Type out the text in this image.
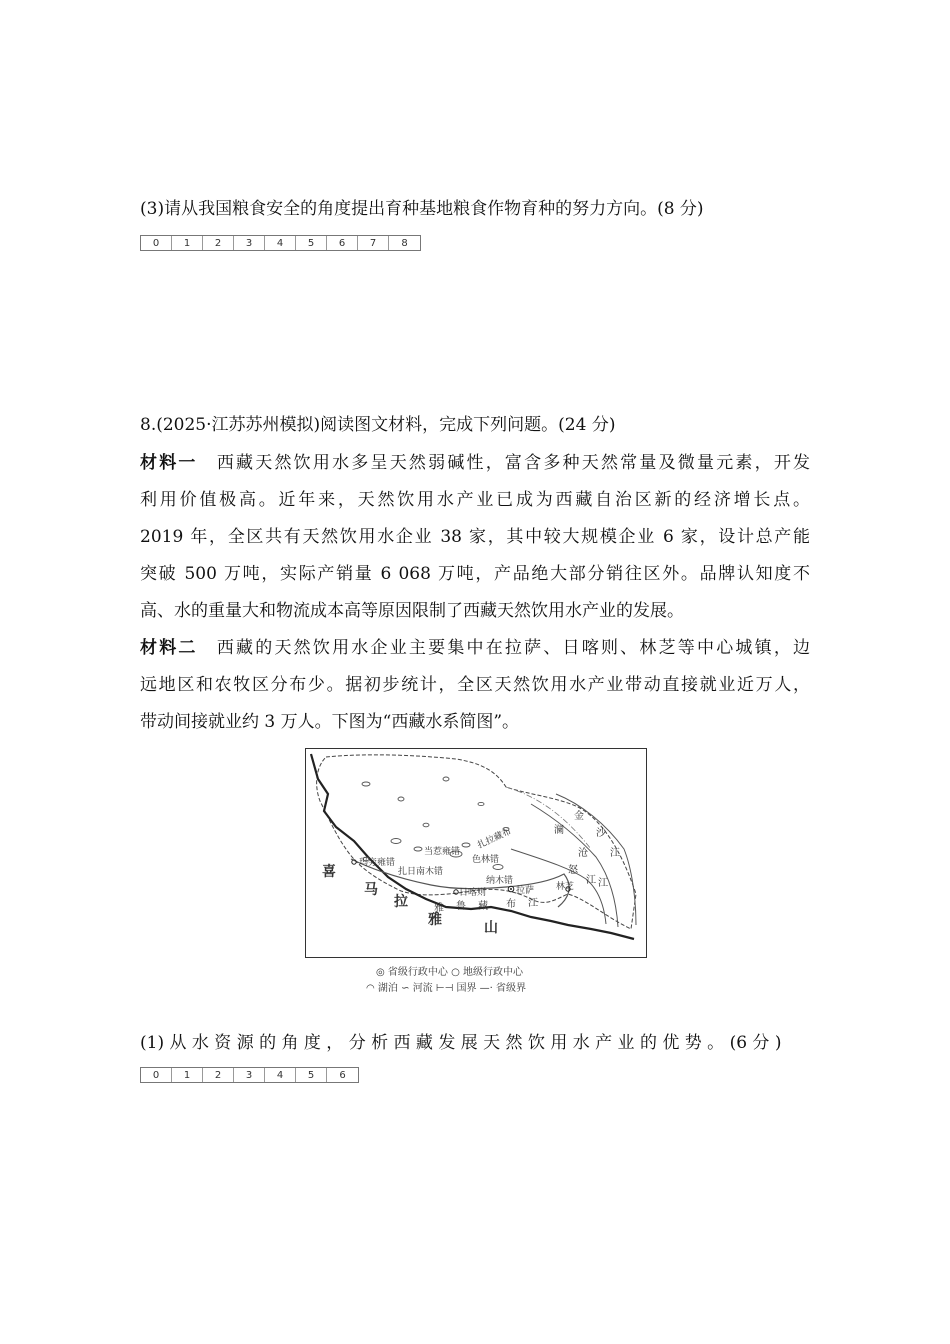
(3)请从我国粮食安全的角度提出育种基地粮食作物育种的努力方向。(8 分)
0	1	2	3	4	5	6	7	8
8.(2025·江苏苏州模拟)阅读图文材料，完成下列问题。(24 分)
材料一　 西藏天然饮用水多呈天然弱碱性，富含多种天然常量及微量元素，开发
利用价值极高。近年来，天然饮用水产业已成为西藏自治区新的经济增长点。
2019 年，全区共有天然饮用水企业 38 家，其中较大规模企业 6 家，设计总产能
突破 500 万吨，实际产销量 6 068 万吨，产品绝大部分销往区外。品牌认知度不
高、水的重量大和物流成本高等原因限制了西藏天然饮用水产业的发展。
材料二　 西藏的天然饮用水企业主要集中在拉萨、日喀则、林芝等中心城镇，边
远地区和农牧区分布少。据初步统计，全区天然饮用水产业带动直接就业近万人，
带动间接就业约 3 万人。下图为“西藏水系简图”。
当惹雍错
玛旁雍错
扎日南木错
色林错
扎拉藏布
纳木错
日喀则	拉萨 林芝
雅 鲁 藏 布 江
喜
马
拉
雅	山
金
沙
江
澜
沧
江
怒
江
◎ 省级行政中心 ○ 地级行政中心
◠ 湖泊 ∽ 河流 ⊢⊣ 国界 —· 省级界
(1) 从 水 资 源 的 角 度 ， 分 析 西 藏 发 展 天 然 饮 用 水 产 业 的 优 势 。 (6 分 )
0	1	2	3	4	5	6
